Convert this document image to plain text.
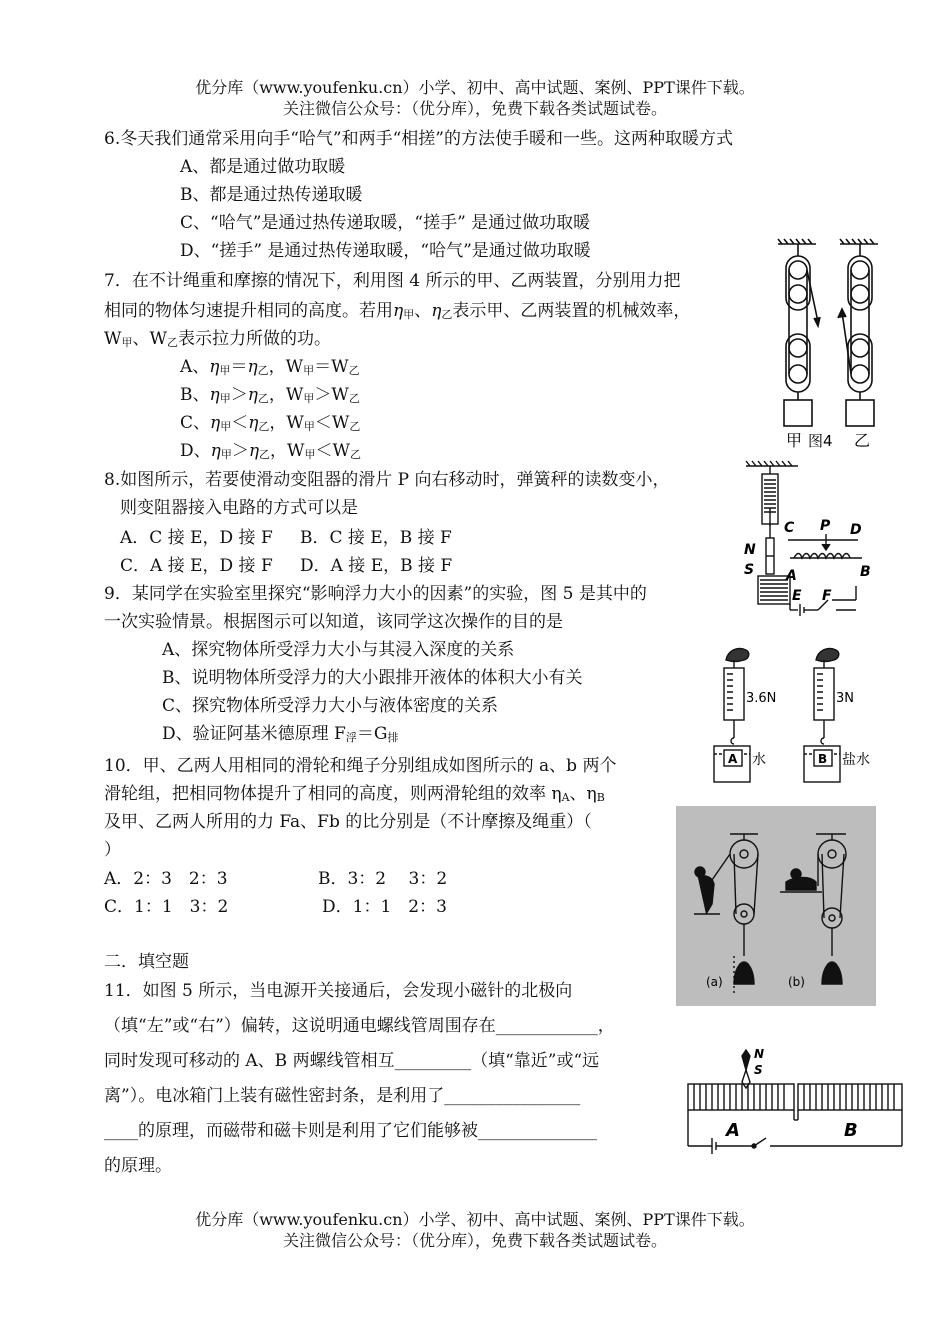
优分库（www.youfenku.cn）小学、初中、高中试题、案例、PPT课件下载。
关注微信公众号：（优分库），免费下载各类试题试卷。
6.冬天我们通常采用向手“哈气”和两手“相搓”的方法使手暖和一些。这两种取暖方式
A、都是通过做功取暖
B、都是通过热传递取暖
C、“哈气”是通过热传递取暖，“搓手” 是通过做功取暖
D、“搓手” 是通过热传递取暖，“哈气”是通过做功取暖
7．在不计绳重和摩擦的情况下，利用图 4 所示的甲、乙两装置，分别用力把
相同的物体匀速提升相同的高度。若用η甲、η乙表示甲、乙两装置的机械效率，
W甲、W乙表示拉力所做的功。
A、η甲＝η乙，W甲＝W乙
B、η甲＞η乙，W甲＞W乙
C、η甲＜η乙，W甲＜W乙
D、η甲＞η乙，W甲＜W乙
甲 图4 乙
8.如图所示，若要使滑动变阻器的滑片 P 向右移动时，弹簧秤的读数变小，
则变阻器接入电路的方式可以是
A．C 接 E，D 接 F B．C 接 E，B 接 F
C．A 接 E，D 接 F D．A 接 E，B 接 F
C P D
N
S A	B
E F
9．某同学在实验室里探究“影响浮力大小的因素”的实验，图 5 是其中的
一次实验情景。根据图示可以知道，该同学这次操作的目的是
A、探究物体所受浮力大小与其浸入深度的关系
B、说明物体所受浮力的大小跟排开液体的体积大小有关
C、探究物体所受浮力大小与液体密度的关系
D、验证阿基米德原理 F浮＝G排
3.6N	3N
A	B
水	盐水
10．甲、乙两人用相同的滑轮和绳子分别组成如图所示的 a、b 两个
滑轮组，把相同物体提升了相同的高度，则两滑轮组的效率 ηA、ηB
及甲、乙两人所用的力 Fa、Fb 的比分别是（不计摩擦及绳重）（
）
A．2：3　2：3	B．3：2　 3：2
C．1：1　3：2	D．1：1　2：3
(a)	(b)
二．填空题
11．如图 5 所示，当电源开关接通后，会发现小磁针的北极向
（填“左”或“右”）偏转，这说明通电螺线管周围存在____________，
同时发现可移动的 A、B 两螺线管相互_________（填“靠近”或“远
离”）。电冰箱门上装有磁性密封条，是利用了________________
____的原理，而磁带和磁卡则是利用了它们能够被______________
的原理。
N
S
A	B
优分库（www.youfenku.cn）小学、初中、高中试题、案例、PPT课件下载。
关注微信公众号：（优分库），免费下载各类试题试卷。
